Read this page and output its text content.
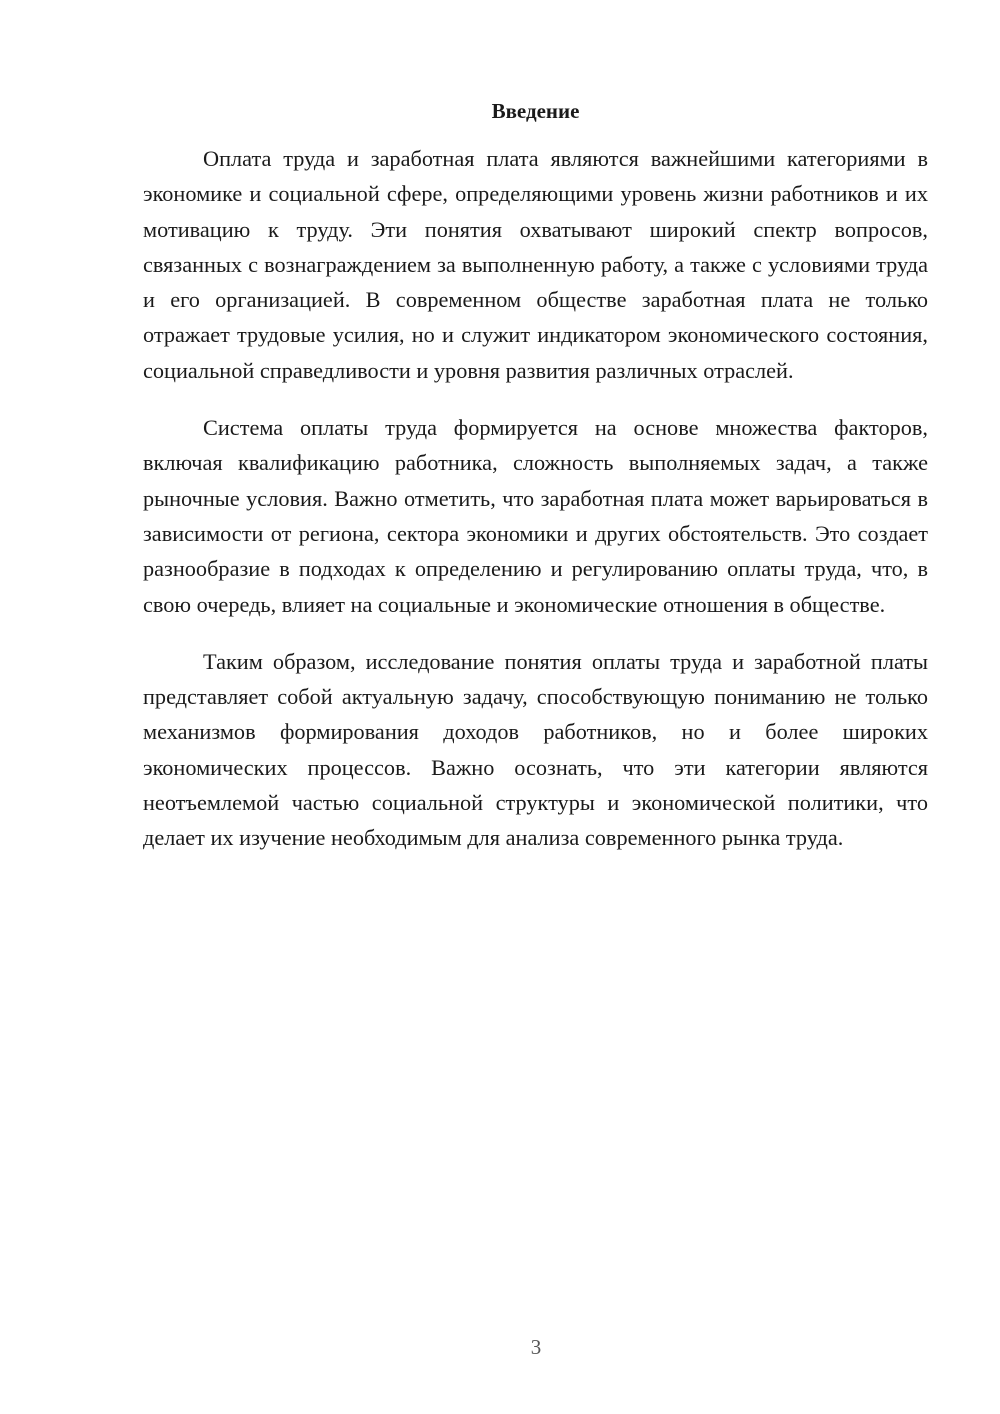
Введение

Оплата труда и заработная плата являются важнейшими категориями в экономике и социальной сфере, определяющими уровень жизни работников и их мотивацию к труду. Эти понятия охватывают широкий спектр вопросов, связанных с вознаграждением за выполненную работу, а также с условиями труда и его организацией. В современном обществе заработная плата не только отражает трудовые усилия, но и служит индикатором экономического состояния, социальной справедливости и уровня развития различных отраслей.

Система оплаты труда формируется на основе множества факторов, включая квалификацию работника, сложность выполняемых задач, а также рыночные условия. Важно отметить, что заработная плата может варьироваться в зависимости от региона, сектора экономики и других обстоятельств. Это создает разнообразие в подходах к определению и регулированию оплаты труда, что, в свою очередь, влияет на социальные и экономические отношения в обществе.

Таким образом, исследование понятия оплаты труда и заработной платы представляет собой актуальную задачу, способствующую пониманию не только механизмов формирования доходов работников, но и более широких экономических процессов. Важно осознать, что эти категории являются неотъемлемой частью социальной структуры и экономической политики, что делает их изучение необходимым для анализа современного рынка труда.

3
